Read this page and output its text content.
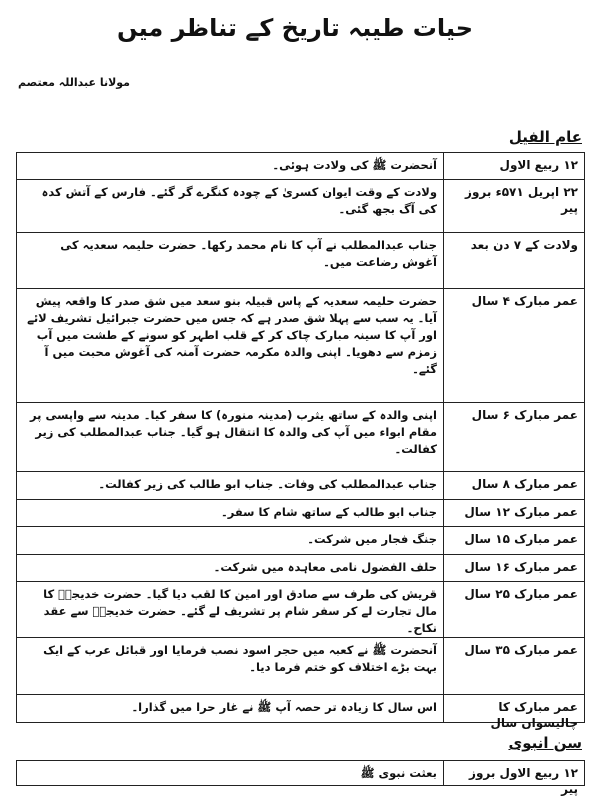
حیات طیبہ تاریخ کے تناظر میں
مولانا عبداللہ معتصم
عام الفیل
۱۲ ربیع الاول
آنحضرت ﷺ کی ولادت ہوئی۔
۲۲ اپریل ۵۷۱ء بروز پیر
ولادت کے وقت ایوان کسریٰ کے چودہ کنگرے گر گئے۔ فارس کے آتش کدہ کی آگ بجھ گئی۔
ولادت کے ۷ دن بعد
جناب عبدالمطلب نے آپ کا نام محمد رکھا۔ حضرت حلیمہ سعدیہ کی آغوش رضاعت میں۔
عمر مبارک ۴ سال
حضرت حلیمہ سعدیہ کے پاس قبیلہ بنو سعد میں شق صدر کا واقعہ پیش آیا۔ یہ سب سے پہلا شق صدر ہے کہ جس میں حضرت جبرائیل تشریف لائے اور آپ کا سینہ مبارک چاک کر کے قلب اطہر کو سونے کے طشت میں آب زمزم سے دھویا۔ اپنی والدہ مکرمہ حضرت آمنہ کی آغوش محبت میں آ گئے۔
عمر مبارک ۶ سال
اپنی والدہ کے ساتھ یثرب (مدینہ منورہ) کا سفر کیا۔ مدینہ سے واپسی پر مقام ابواء میں آپ کی والدہ کا انتقال ہو گیا۔ جناب عبدالمطلب کی زیر کفالت۔
عمر مبارک ۸ سال
جناب عبدالمطلب کی وفات۔ جناب ابو طالب کی زیر کفالت۔
عمر مبارک ۱۲ سال
جناب ابو طالب کے ساتھ شام کا سفر۔
عمر مبارک ۱۵ سال
جنگ فجار میں شرکت۔
عمر مبارک ۱۶ سال
حلف الفضول نامی معاہدہ میں شرکت۔
عمر مبارک ۲۵ سال
قریش کی طرف سے صادق اور امین کا لقب دیا گیا۔ حضرت خدیجہؓ کا مال تجارت لے کر سفر شام پر تشریف لے گئے۔ حضرت خدیجہؓ سے عقد نکاح۔
عمر مبارک ۳۵ سال
آنحضرت ﷺ نے کعبہ میں حجر اسود نصب فرمایا اور قبائل عرب کے ایک بہت بڑے اختلاف کو ختم فرما دیا۔
عمر مبارک کا چالیسواں سال
اس سال کا زیادہ تر حصہ آپ ﷺ نے غار حرا میں گذارا۔
سن انبوی
۱۲ ربیع الاول بروز پیر
بعثت نبوی ﷺ
